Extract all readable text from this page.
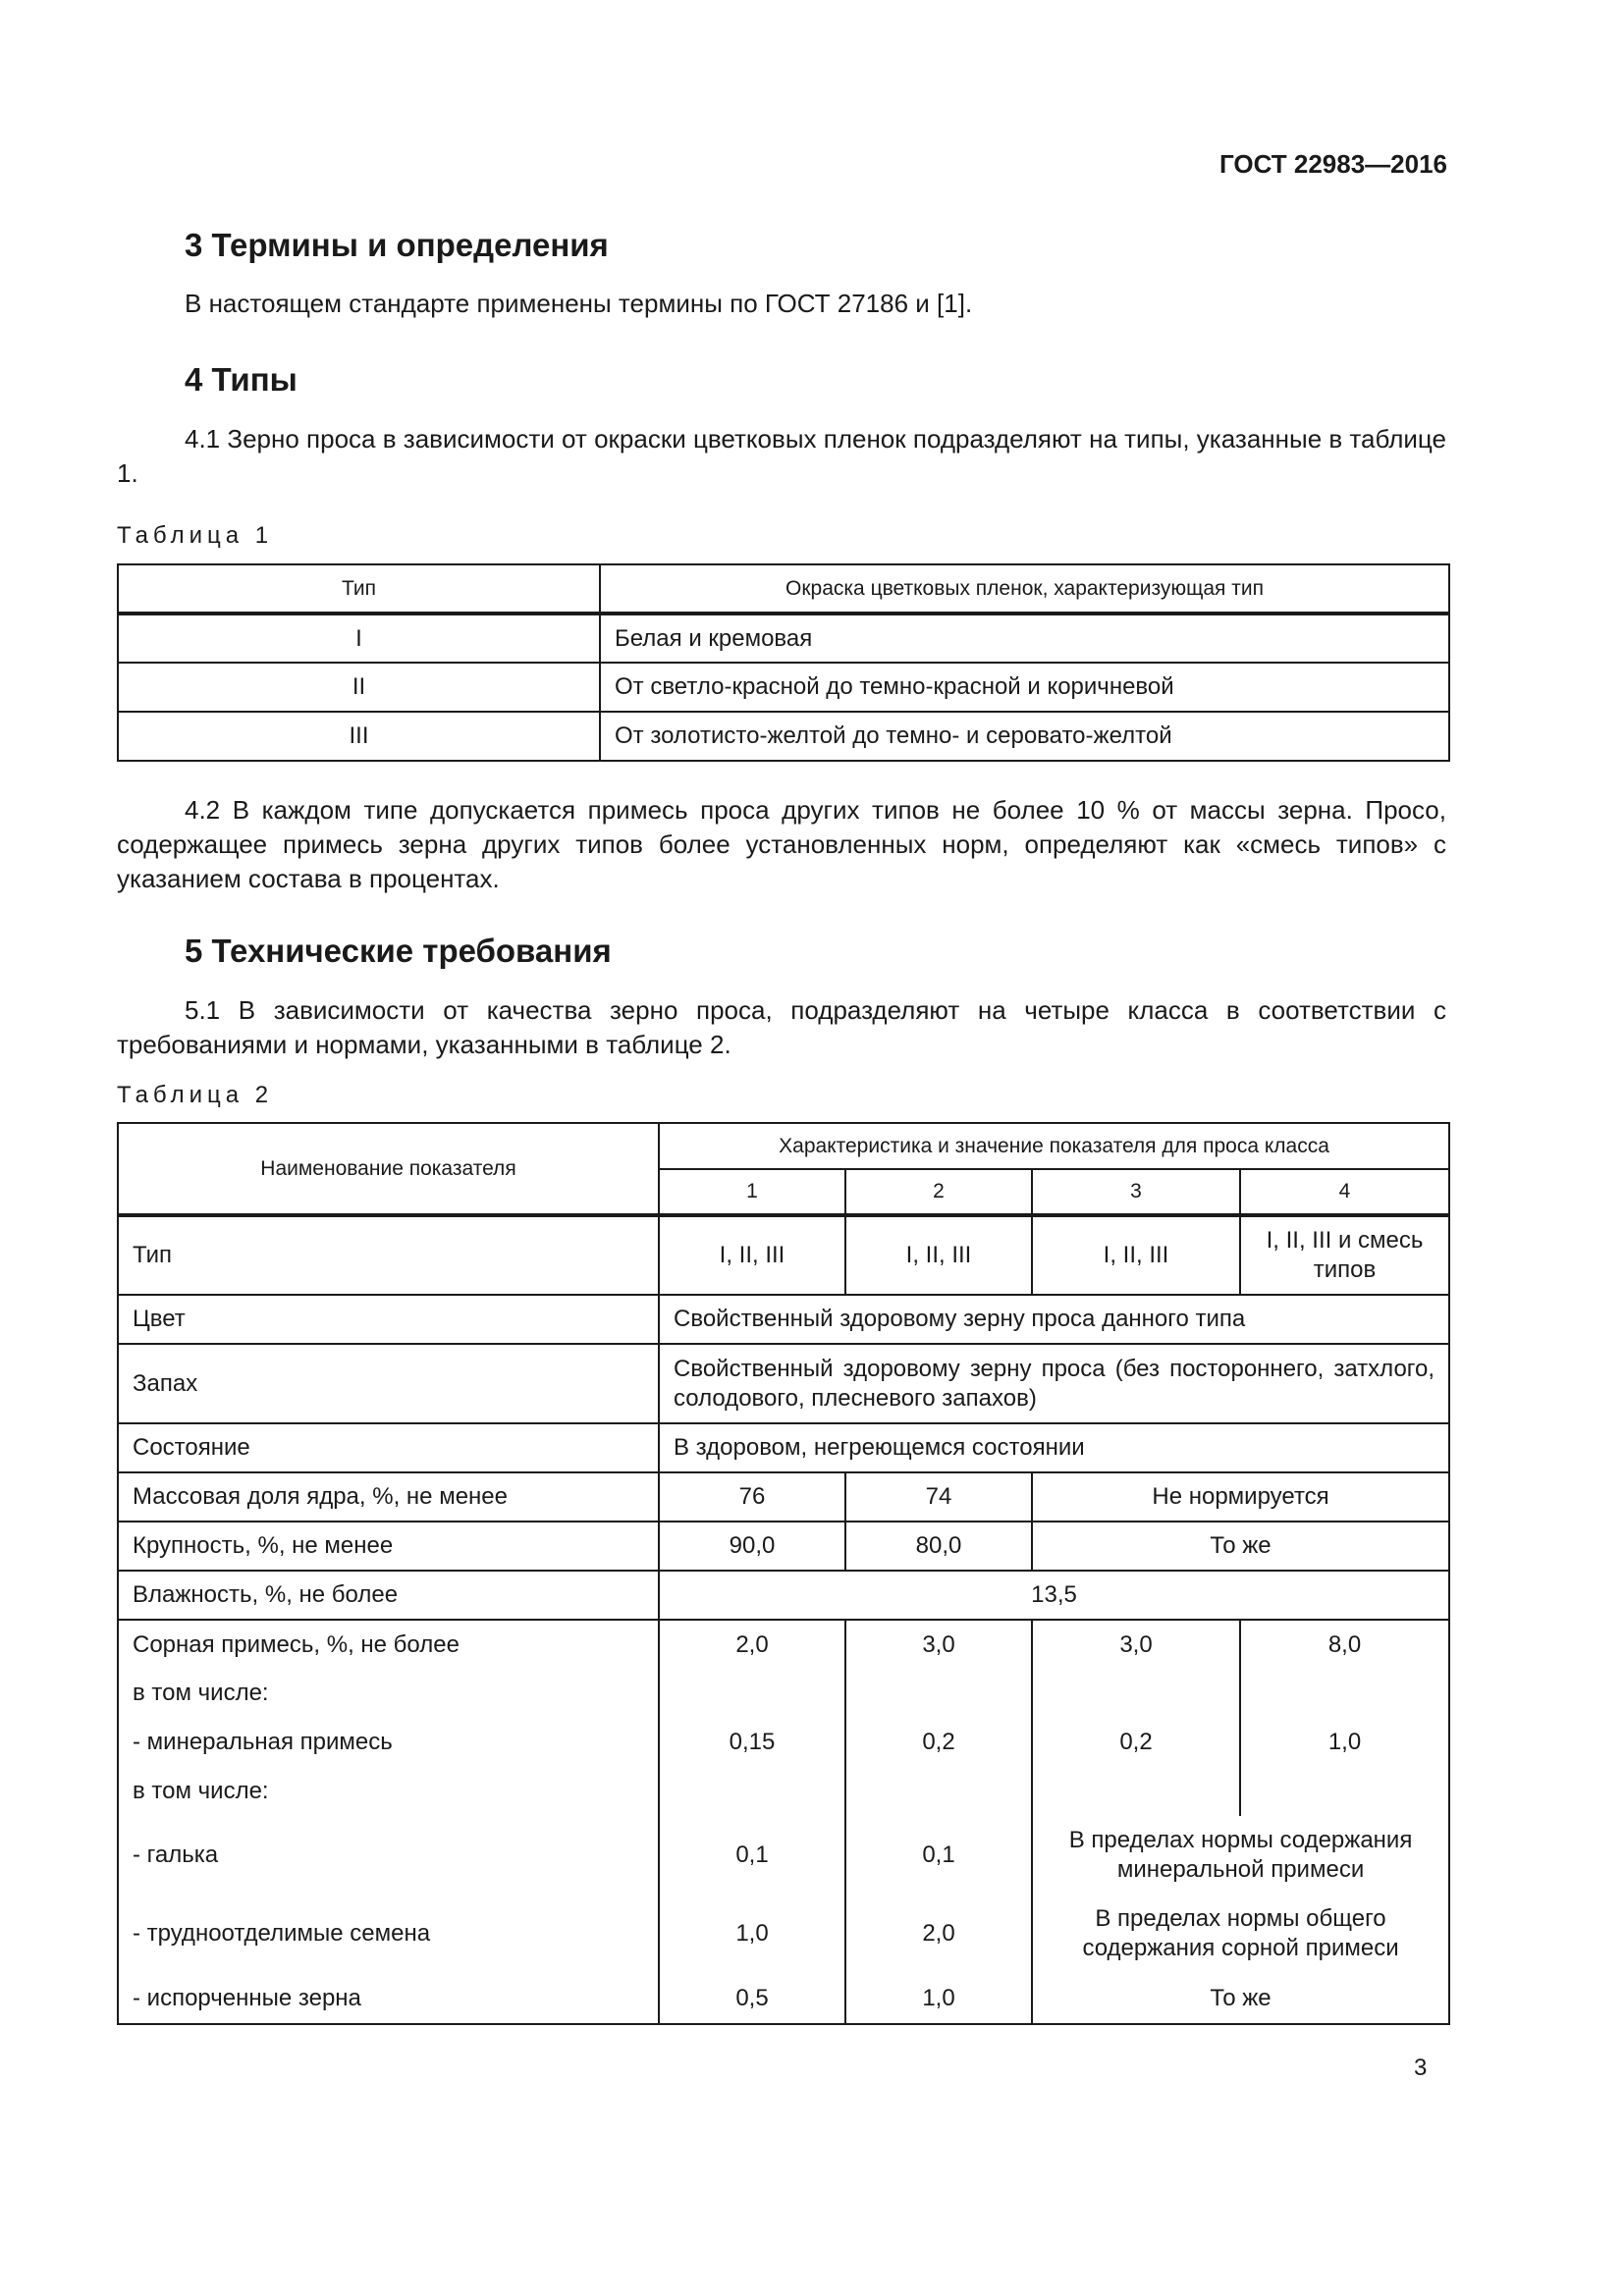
ГОСТ 22983—2016
3 Термины и определения
В настоящем стандарте применены термины по ГОСТ 27186 и [1].
4 Типы
4.1 Зерно проса в зависимости от окраски цветковых пленок подразделяют на типы, указанные в таблице 1.
Таблица 1
Тип	Окраска цветковых пленок, характеризующая тип
I	Белая и кремовая
II	От светло-красной до темно-красной и коричневой
III	От золотисто-желтой до темно- и серовато-желтой
4.2 В каждом типе допускается примесь проса других типов не более 10 % от массы зерна. Просо, содержащее примесь зерна других типов более установленных норм, определяют как «смесь типов» с указанием состава в процентах.
5 Технические требования
5.1 В зависимости от качества зерно проса, подразделяют на четыре класса в соответствии с требованиями и нормами, указанными в таблице 2.
Таблица 2
Наименование показателя	Характеристика и значение показателя для проса класса			
	1	2	3	4
Тип	I, II, III	I, II, III	I, II, III	I, II, III и смесь типов
Цвет	Свойственный здоровому зерну проса данного типа			
Запах	Свойственный здоровому зерну проса (без постороннего, затхлого, солодового, плесневого запахов)			
Состояние	В здоровом, негреющемся состоянии			
Массовая доля ядра, %, не менее	76	74	Не нормируется	
Крупность, %, не менее	90,0	80,0	То же	
Влажность, %, не более	13,5			
Сорная примесь, %, не более	2,0	3,0	3,0	8,0
в том числе:				
- минеральная примесь	0,15	0,2	0,2	1,0
в том числе:				
- галька	0,1	0,1	В пределах нормы содержания минеральной примеси	
- трудноотделимые семена	1,0	2,0	В пределах нормы общего содержания сорной примеси	
- испорченные зерна	0,5	1,0	То же	
3
